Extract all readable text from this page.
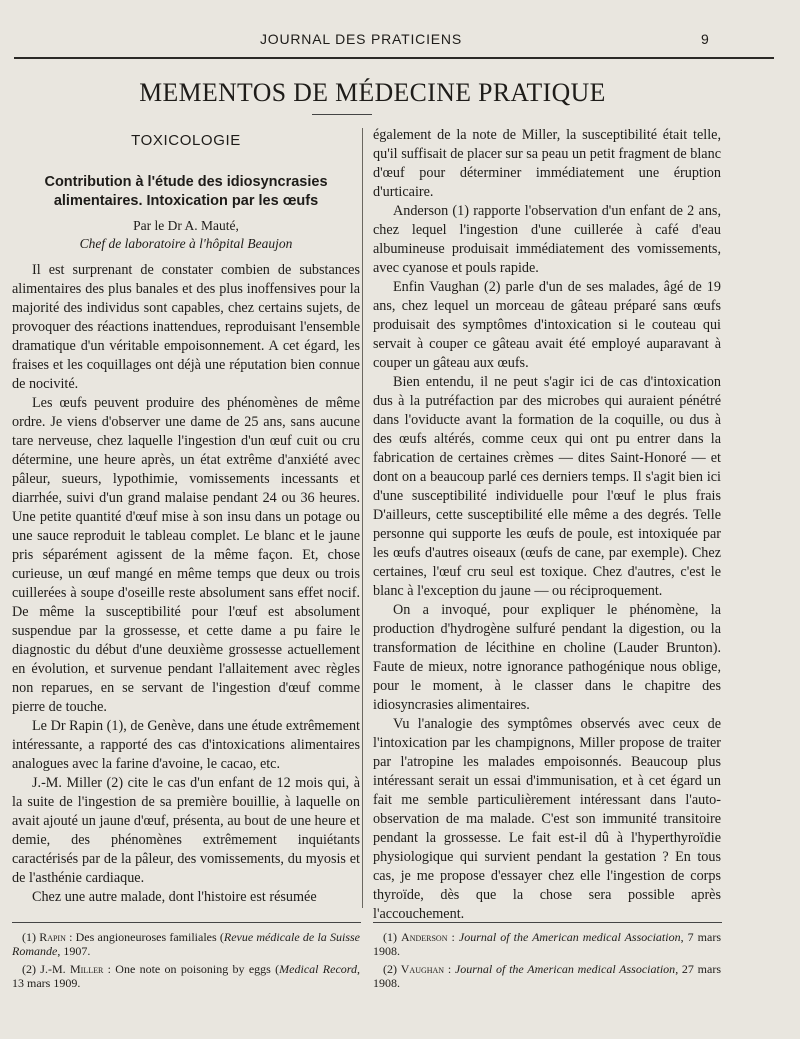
JOURNAL DES PRATICIENS	9
MEMENTOS DE MÉDECINE PRATIQUE
TOXICOLOGIE

Contribution à l'étude des idiosyncrasies alimentaires. Intoxication par les œufs

Par le Dr A. Mauté,

Chef de laboratoire à l'hôpital Beaujon

Il est surprenant de constater combien de substances alimentaires des plus banales et des plus inoffensives pour la majorité des individus sont capables, chez certains sujets, de provoquer des réactions inattendues, reproduisant l'ensemble dramatique d'un véritable empoisonnement. A cet égard, les fraises et les coquillages ont déjà une réputation bien connue de nocivité.

Les œufs peuvent produire des phénomènes de même ordre. Je viens d'observer une dame de 25 ans, sans aucune tare nerveuse, chez laquelle l'ingestion d'un œuf cuit ou cru détermine, une heure après, un état extrême d'anxiété avec pâleur, sueurs, lypothimie, vomissements incessants et diarrhée, suivi d'un grand malaise pendant 24 ou 36 heures. Une petite quantité d'œuf mise à son insu dans un potage ou une sauce reproduit le tableau complet. Le blanc et le jaune pris séparément agissent de la même façon. Et, chose curieuse, un œuf mangé en même temps que deux ou trois cuillerées à soupe d'oseille reste absolument sans effet nocif. De même la susceptibilité pour l'œuf est absolument suspendue par la grossesse, et cette dame a pu faire le diagnostic du début d'une deuxième grossesse actuellement en évolution, et survenue pendant l'allaitement avec règles non reparues, en se servant de l'ingestion d'œuf comme pierre de touche.

Le Dr Rapin (1), de Genève, dans une étude extrêmement intéressante, a rapporté des cas d'intoxications alimentaires analogues avec la farine d'avoine, le cacao, etc.

J.-M. Miller (2) cite le cas d'un enfant de 12 mois qui, à la suite de l'ingestion de sa première bouillie, à laquelle on avait ajouté un jaune d'œuf, présenta, au bout de une heure et demie, des phénomènes extrêmement inquiétants caractérisés par de la pâleur, des vomissements, du myosis et de l'asthénie cardiaque.

Chez une autre malade, dont l'histoire est résumée

également de la note de Miller, la susceptibilité était telle, qu'il suffisait de placer sur sa peau un petit fragment de blanc d'œuf pour déterminer immédiatement une éruption d'urticaire.

Anderson (1) rapporte l'observation d'un enfant de 2 ans, chez lequel l'ingestion d'une cuillerée à café d'eau albumineuse produisait immédiatement des vomissements, avec cyanose et pouls rapide.

Enfin Vaughan (2) parle d'un de ses malades, âgé de 19 ans, chez lequel un morceau de gâteau préparé sans œufs produisait des symptômes d'intoxication si le couteau qui servait à couper ce gâteau avait été employé auparavant à couper un gâteau aux œufs.

Bien entendu, il ne peut s'agir ici de cas d'intoxication dus à la putréfaction par des microbes qui auraient pénétré dans l'oviducte avant la formation de la coquille, ou dus à des œufs altérés, comme ceux qui ont pu entrer dans la fabrication de certaines crèmes — dites Saint-Honoré — et dont on a beaucoup parlé ces derniers temps. Il s'agit bien ici d'une susceptibilité individuelle pour l'œuf le plus frais D'ailleurs, cette susceptibilité elle même a des degrés. Telle personne qui supporte les œufs de poule, est intoxiquée par les œufs d'autres oiseaux (œufs de cane, par exemple). Chez certaines, l'œuf cru seul est toxique. Chez d'autres, c'est le blanc à l'exception du jaune — ou réciproquement.

On a invoqué, pour expliquer le phénomène, la production d'hydrogène sulfuré pendant la digestion, ou la transformation de lécithine en choline (Lauder Brunton). Faute de mieux, notre ignorance pathogénique nous oblige, pour le moment, à le classer dans le chapitre des idiosyncrasies alimentaires.

Vu l'analogie des symptômes observés avec ceux de l'intoxication par les champignons, Miller propose de traiter par l'atropine les malades empoisonnés. Beaucoup plus intéressant serait un essai d'immunisation, et à cet égard un fait me semble particulièrement intéressant dans l'auto-observation de ma malade. C'est son immunité transitoire pendant la grossesse. Le fait est-il dû à l'hyperthyroïdie physiologique qui survient pendant la gestation ? En tous cas, je me propose d'essayer chez elle l'ingestion de corps thyroïde, dès que la chose sera possible après l'accouchement.

(1) Rapin : Des angioneuroses familiales (Revue médicale de la Suisse Romande, 1907.

(2) J.-M. Miller : One note on poisoning by eggs (Medical Record, 13 mars 1909.

(1) Anderson : Journal of the American medical Association, 7 mars 1908.

(2) Vaughan : Journal of the American medical Association, 27 mars 1908.
